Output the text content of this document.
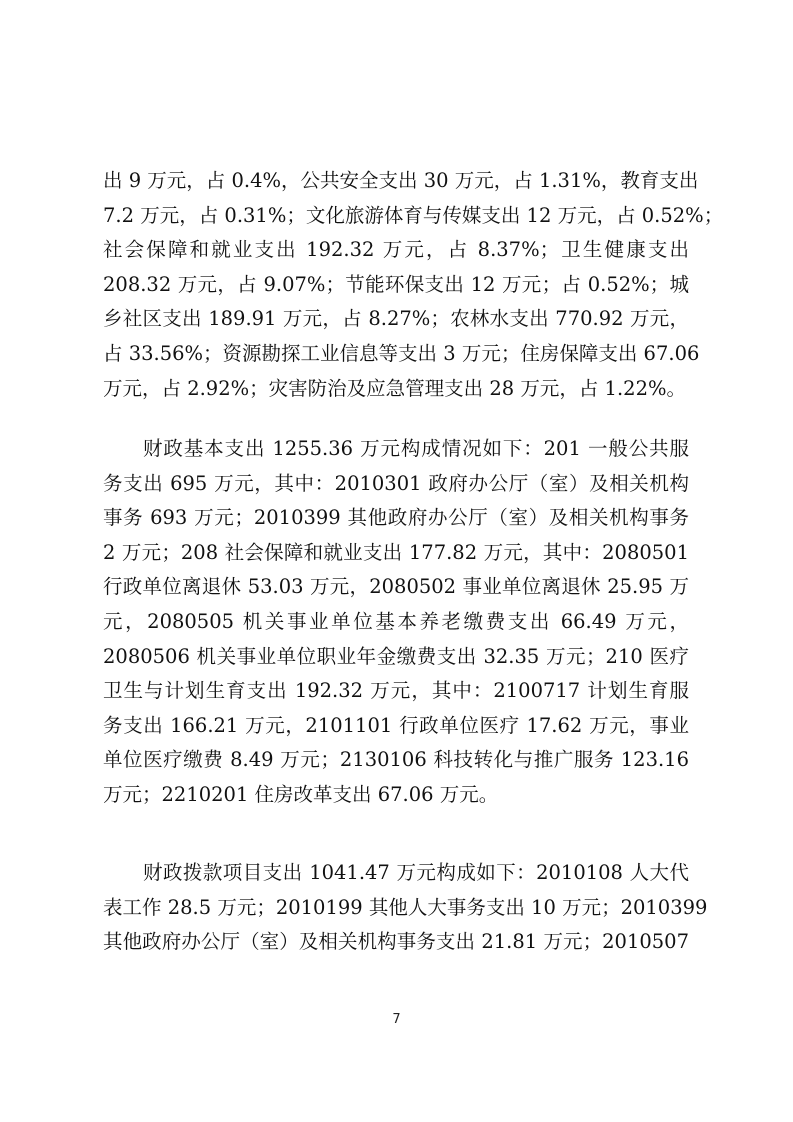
出 9 万元，占 0.4%，公共安全支出 30 万元，占 1.31%，教育支出
7.2 万元，占 0.31%；文化旅游体育与传媒支出 12 万元，占 0.52%；
社会保障和就业支出 192.32 万元，占 8.37%；卫生健康支出
208.32 万元，占 9.07%；节能环保支出 12 万元；占 0.52%；城
乡社区支出 189.91 万元，占 8.27%；农林水支出 770.92 万元，
占 33.56%；资源勘探工业信息等支出 3 万元；住房保障支出 67.06
万元，占 2.92%；灾害防治及应急管理支出 28 万元，占 1.22%。
财政基本支出 1255.36 万元构成情况如下：201 一般公共服
务支出 695 万元，其中：2010301 政府办公厅（室）及相关机构
事务 693 万元；2010399 其他政府办公厅（室）及相关机构事务
2 万元；208 社会保障和就业支出 177.82 万元，其中：2080501
行政单位离退休 53.03 万元，2080502 事业单位离退休 25.95 万
元，2080505 机关事业单位基本养老缴费支出 66.49 万元，
2080506 机关事业单位职业年金缴费支出 32.35 万元；210 医疗
卫生与计划生育支出 192.32 万元，其中：2100717 计划生育服
务支出 166.21 万元，2101101 行政单位医疗 17.62 万元，事业
单位医疗缴费 8.49 万元；2130106 科技转化与推广服务 123.16
万元；2210201 住房改革支出 67.06 万元。
财政拨款项目支出 1041.47 万元构成如下：2010108 人大代
表工作 28.5 万元；2010199 其他人大事务支出 10 万元；2010399
其他政府办公厅（室）及相关机构事务支出 21.81 万元；2010507

7
